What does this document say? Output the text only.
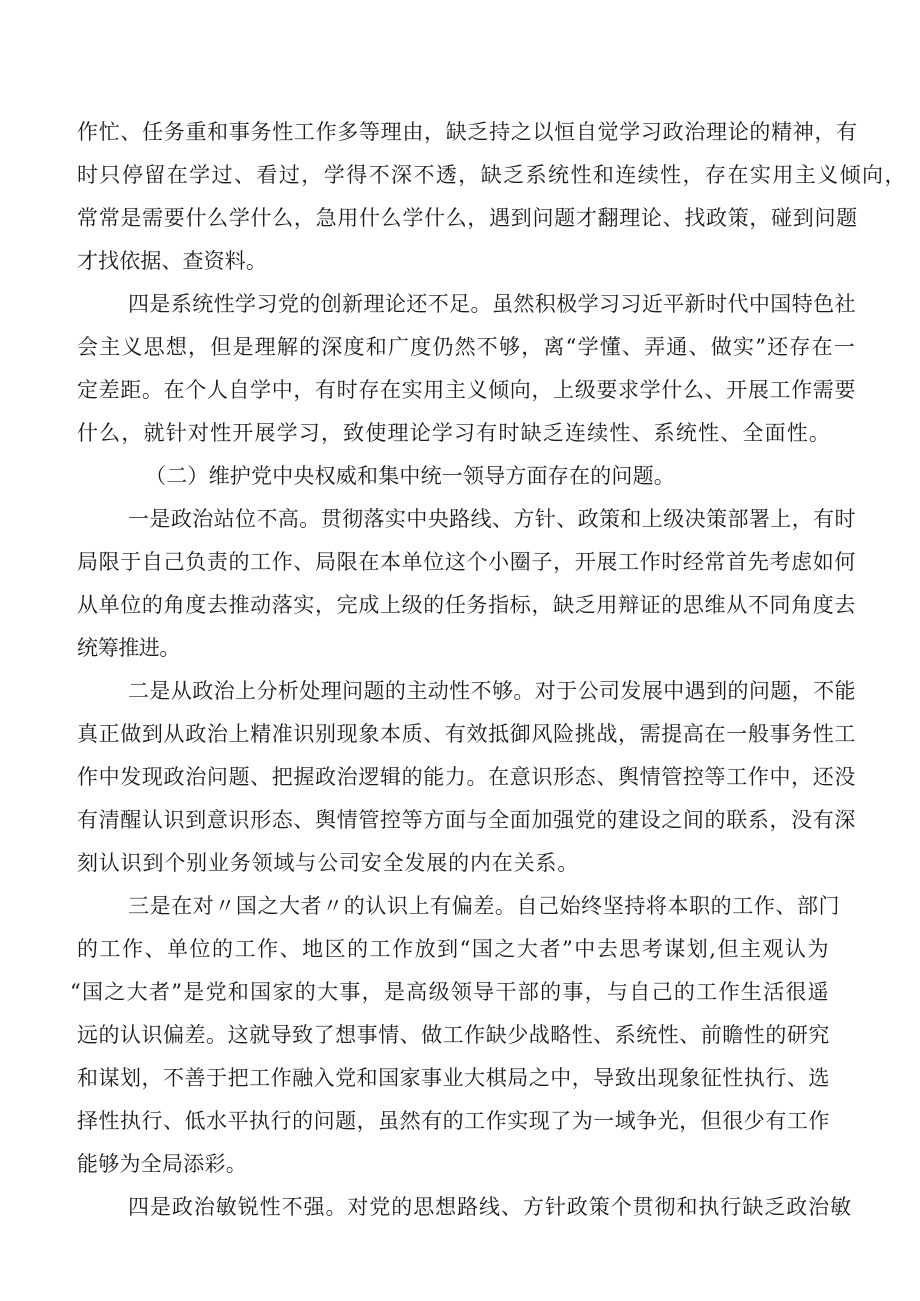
作忙、任务重和事务性工作多等理由，缺乏持之以恒自觉学习政治理论的精神，有
时只停留在学过、看过，学得不深不透，缺乏系统性和连续性，存在实用主义倾向，
常常是需要什么学什么，急用什么学什么，遇到问题才翻理论、找政策，碰到问题
才找依据、查资料。
四是系统性学习党的创新理论还不足。虽然积极学习习近平新时代中国特色社
会主义思想，但是理解的深度和广度仍然不够，离“学懂、弄通、做实”还存在一
定差距。在个人自学中，有时存在实用主义倾向，上级要求学什么、开展工作需要
什么，就针对性开展学习，致使理论学习有时缺乏连续性、系统性、全面性。
（二）维护党中央权威和集中统一领导方面存在的问题。
一是政治站位不高。贯彻落实中央路线、方针、政策和上级决策部署上，有时
局限于自己负责的工作、局限在本单位这个小圈子，开展工作时经常首先考虑如何
从单位的角度去推动落实，完成上级的任务指标，缺乏用辩证的思维从不同角度去
统筹推进。
二是从政治上分析处理问题的主动性不够。对于公司发展中遇到的问题，不能
真正做到从政治上精准识别现象本质、有效抵御风险挑战，需提高在一般事务性工
作中发现政治问题、把握政治逻辑的能力。在意识形态、舆情管控等工作中，还没
有清醒认识到意识形态、舆情管控等方面与全面加强党的建设之间的联系，没有深
刻认识到个别业务领域与公司安全发展的内在关系。
三是在对〃国之大者〃的认识上有偏差。自己始终坚持将本职的工作、部门
的工作、单位的工作、地区的工作放到“国之大者”中去思考谋划,但主观认为
“国之大者”是党和国家的大事，是高级领导干部的事，与自己的工作生活很遥
远的认识偏差。这就导致了想事情、做工作缺少战略性、系统性、前瞻性的研究
和谋划，不善于把工作融入党和国家事业大棋局之中，导致出现象征性执行、选
择性执行、低水平执行的问题，虽然有的工作实现了为一域争光，但很少有工作
能够为全局添彩。
四是政治敏锐性不强。对党的思想路线、方针政策个贯彻和执行缺乏政治敏
